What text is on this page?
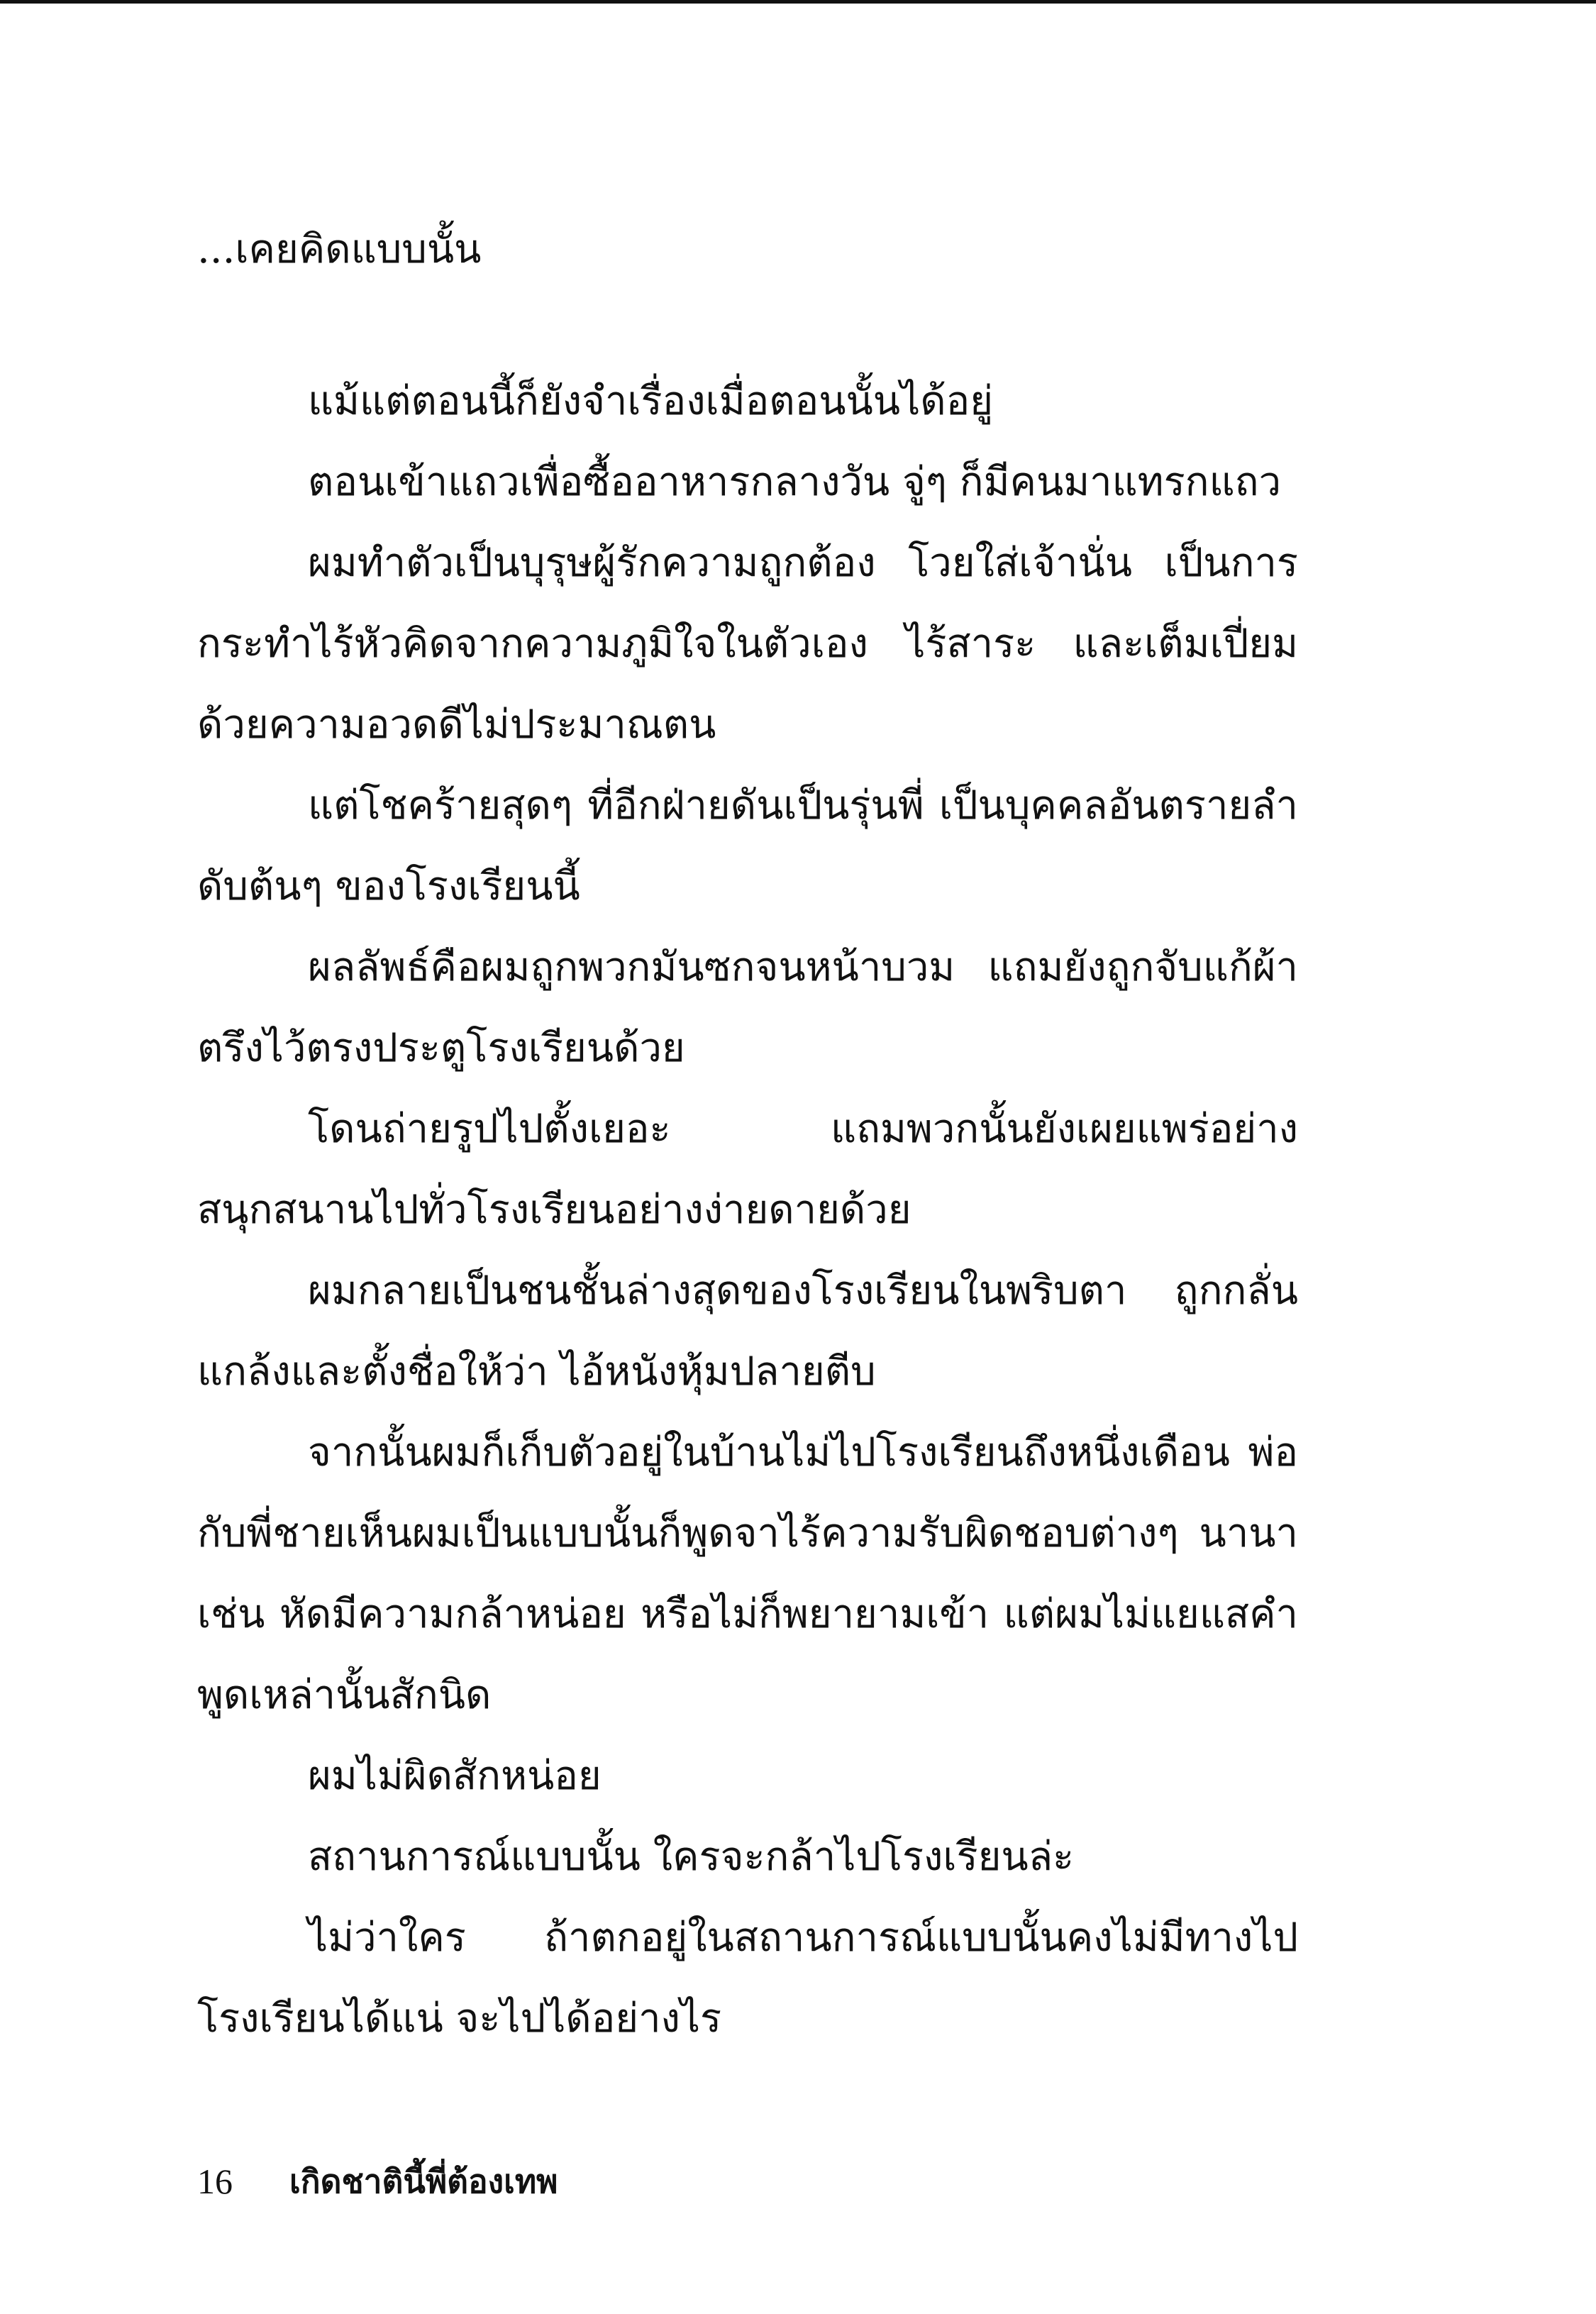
...เคยคิดแบบนั้น

แม้แต่ตอนนี้ก็ยังจำเรื่องเมื่อตอนนั้นได้อยู่

ตอนเข้าแถวเพื่อซื้ออาหารกลางวัน จู่ๆ ก็มีคนมาแทรกแถว

ผมทำตัวเป็นบุรุษผู้รักความถูกต้อง โวยใส่เจ้านั่น เป็นการกระทำไร้หัวคิดจากความภูมิใจในตัวเอง ไร้สาระ และเต็มเปี่ยมด้วยความอวดดีไม่ประมาณตน

แต่โชคร้ายสุดๆ ที่อีกฝ่ายดันเป็นรุ่นพี่ เป็นบุคคลอันตรายลำดับต้นๆ ของโรงเรียนนี้

ผลลัพธ์คือผมถูกพวกมันซกจนหน้าบวม แถมยังถูกจับแก้ผ้าตรึงไว้ตรงประตูโรงเรียนด้วย

โดนถ่ายรูปไปตั้งเยอะ แถมพวกนั้นยังเผยแพร่อย่างสนุกสนานไปทั่วโรงเรียนอย่างง่ายดายด้วย

ผมกลายเป็นชนชั้นล่างสุดของโรงเรียนในพริบตา ถูกกลั่นแกล้งและตั้งชื่อให้ว่า ไอ้หนังหุ้มปลายตีบ

จากนั้นผมก็เก็บตัวอยู่ในบ้านไม่ไปโรงเรียนถึงหนึ่งเดือน พ่อกับพี่ชายเห็นผมเป็นแบบนั้นก็พูดจาไร้ความรับผิดชอบต่างๆ นานา เช่น หัดมีความกล้าหน่อย หรือไม่ก็พยายามเข้า แต่ผมไม่แยแสคำพูดเหล่านั้นสักนิด

ผมไม่ผิดสักหน่อย

สถานการณ์แบบนั้น ใครจะกล้าไปโรงเรียนล่ะ

ไม่ว่าใคร ถ้าตกอยู่ในสถานการณ์แบบนั้นคงไม่มีทางไปโรงเรียนได้แน่ จะไปได้อย่างไร

16	เกิดชาตินี้พี่ต้องเทพ
